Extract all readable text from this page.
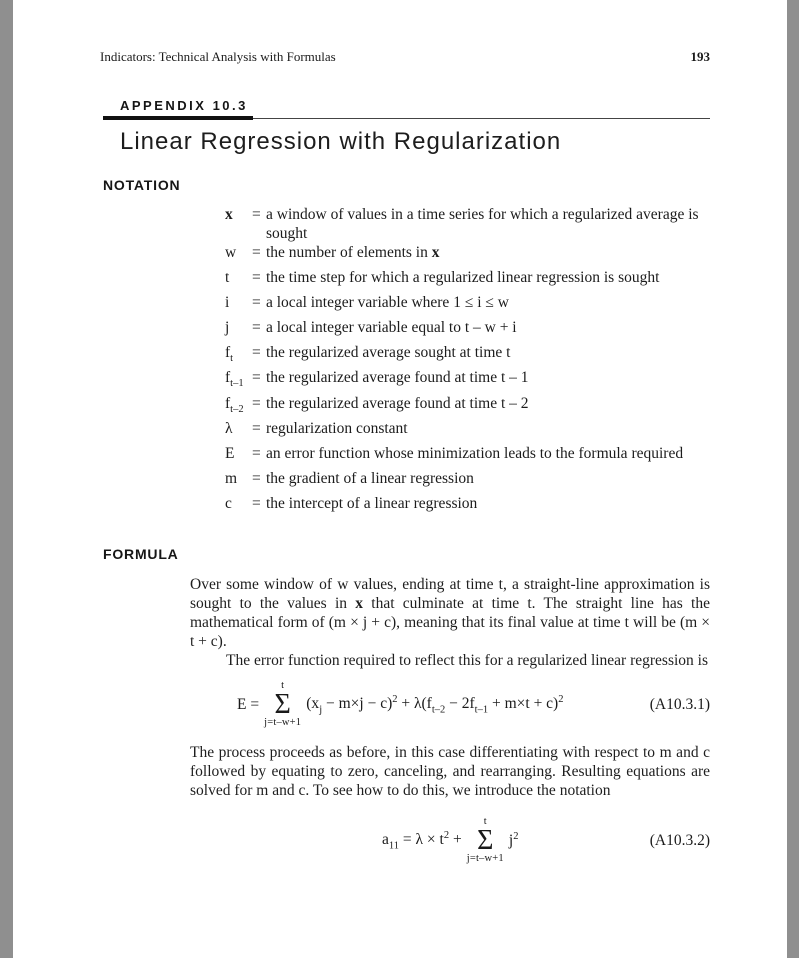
Indicators: Technical Analysis with Formulas	193
APPENDIX 10.3
Linear Regression with Regularization
NOTATION
x	= a window of values in a time series for which a regularized average is sought
w	= the number of elements in x
t	= the time step for which a regularized linear regression is sought
i	= a local integer variable where 1 ≤ i ≤ w
j	= a local integer variable equal to t – w + i
$f_t$	= the regularized average sought at time t
$f_{t-1}$ = the regularized average found at time t – 1
$f_{t-2}$ = the regularized average found at time t – 2
λ	= regularization constant
E	= an error function whose minimization leads to the formula required
m = the gradient of a linear regression
c	= the intercept of a linear regression
FORMULA

Over some window of w values, ending at time t, a straight-line approximation is sought to the values in x that culminate at time t. The straight line has the mathematical form of (m × j + c), meaning that its final value at time t will be (m × t + c).

The error function required to reflect this for a regularized linear regression is

E =
t
Σ
j=t–w+1
$(x_j - m\times j - c)^2 + \lambda(f_{t-2} - 2f_{t-1} + m\times t + c)^2$	(A10.3.1)

The process proceeds as before, in this case differentiating with respect to m and c followed by equating to zero, canceling, and rearranging. Resulting equations are solved for m and c. To see how to do this, we introduce the notation

$a_{11} = \lambda \times t^2$ +
t
Σ
j=t–w+1
$j^2$	(A10.3.2)
